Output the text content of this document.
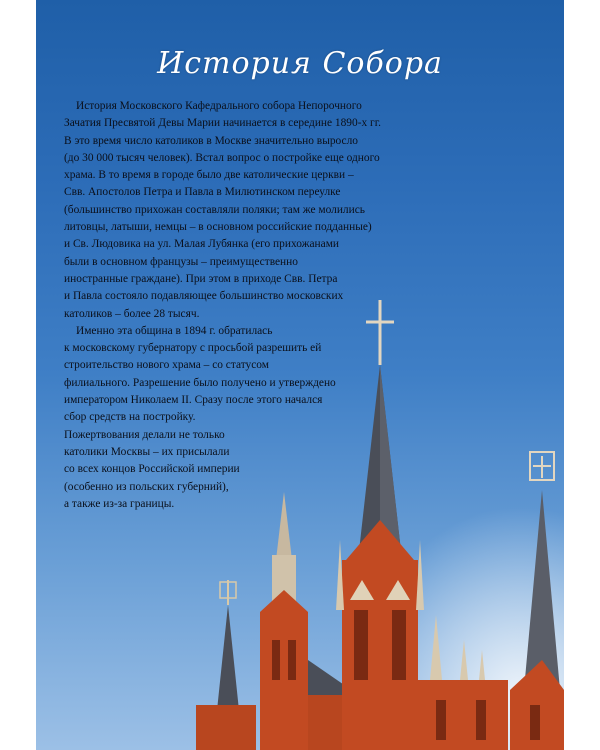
История Собора
История Московского Кафедрального собора Непорочного
Зачатия Пресвятой Девы Марии начинается в середине 1890-х гг.
В это время число католиков в Москве значительно выросло
(до 30 000 тысяч человек). Встал вопрос о постройке еще одного
храма. В то время в городе было две католические церкви –
Свв. Апостолов Петра и Павла в Милютинском переулке
(большинство прихожан составляли поляки; там же молились
литовцы, латыши, немцы – в основном российские подданные)
и Св. Людовика на ул. Малая Лубянка (его прихожанами
были в основном французы – преимущественно
иностранные граждане). При этом в приходе Свв. Петра
и Павла состояло подавляющее большинство московских
католиков – более 28 тысяч.
Именно эта община в 1894 г. обратилась
к московскому губернатору с просьбой разрешить ей
строительство нового храма – со статусом
филиального. Разрешение было получено и утверждено
императором Николаем II. Сразу после этого начался
сбор средств на постройку.
Пожертвования делали не только
католики Москвы – их присылали
со всех концов Российской империи
(особенно из польских губерний),
а также из-за границы.
